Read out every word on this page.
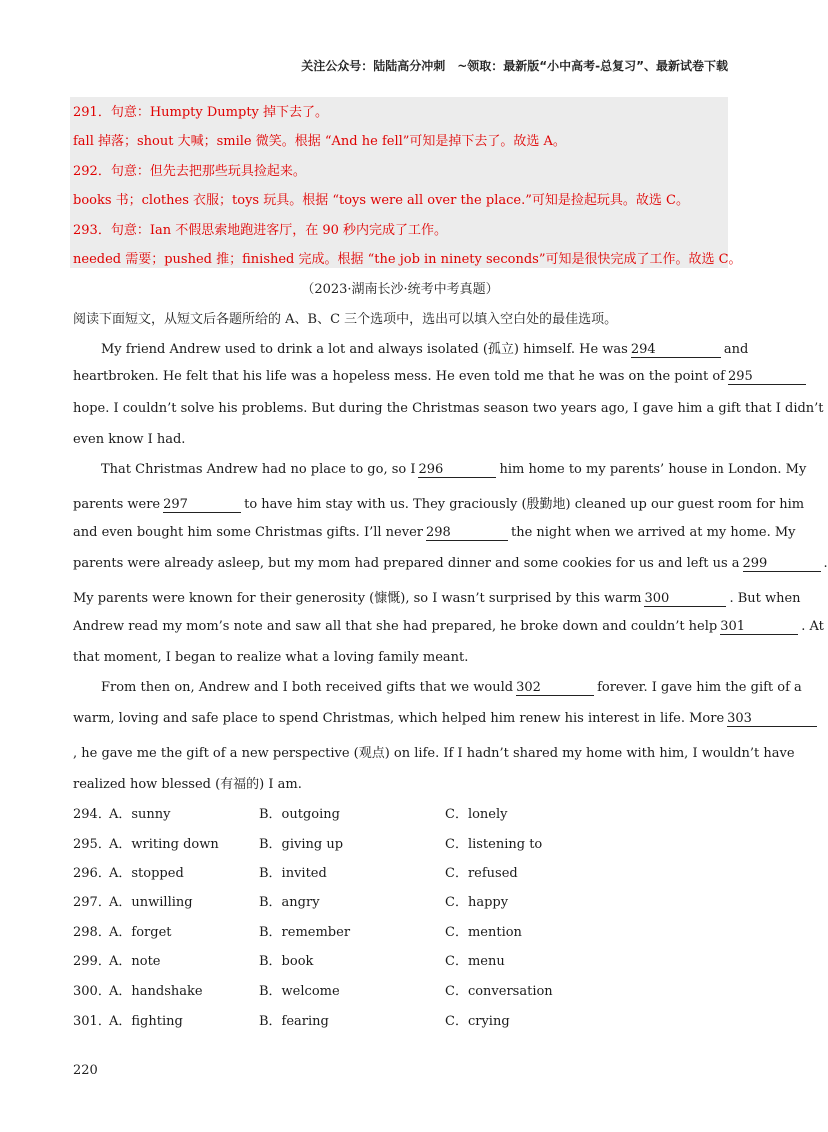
关注公众号：陆陆高分冲刺　~领取：最新版“小中高考-总复习”、最新试卷下载
291．句意：Humpty Dumpty 掉下去了。
fall 掉落；shout 大喊；smile 微笑。根据 “And he fell”可知是掉下去了。故选 A。
292．句意：但先去把那些玩具捡起来。
books 书；clothes 衣服；toys 玩具。根据 “toys were all over the place.”可知是捡起玩具。故选 C。
293．句意：Ian 不假思索地跑进客厅，在 90 秒内完成了工作。
needed 需要；pushed 推；finished 完成。根据 “the job in ninety seconds”可知是很快完成了工作。故选 C。
（2023·湖南长沙·统考中考真题）
阅读下面短文，从短文后各题所给的 A、B、C 三个选项中，选出可以填入空白处的最佳选项。
My friend Andrew used to drink a lot and always isolated (孤立) himself. He was 294	and
heartbroken. He felt that his life was a hopeless mess. He even told me that he was on the point of 295
hope. I couldn’t solve his problems. But during the Christmas season two years ago, I gave him a gift that I didn’t
even know I had.
That Christmas Andrew had no place to go, so I 296	him home to my parents’ house in London. My
parents were 297	to have him stay with us. They graciously (殷勤地) cleaned up our guest room for him
and even bought him some Christmas gifts. I’ll never 298	the night when we arrived at my home. My
parents were already asleep, but my mom had prepared dinner and some cookies for us and left us a 299	.
My parents were known for their generosity (慷慨), so I wasn’t surprised by this warm 300	. But when
Andrew read my mom’s note and saw all that she had prepared, he broke down and couldn’t help 301	. At
that moment, I began to realize what a loving family meant.
From then on, Andrew and I both received gifts that we would 302	forever. I gave him the gift of a
warm, loving and safe place to spend Christmas, which helped him renew his interest in life. More 303
, he gave me the gift of a new perspective (观点) on life. If I hadn’t shared my home with him, I wouldn’t have
realized how blessed (有福的) I am.
294．
A．sunny	B．outgoing	C．lonely
295．
A．writing down	B．giving up	C．listening to
296．
A．stopped	B．invited	C．refused
297．
A．unwilling	B．angry	C．happy
298．
A．forget	B．remember	C．mention
299．
A．note	B．book	C．menu
300．
A．handshake	B．welcome	C．conversation
301．
A．fighting	B．fearing	C．crying
220
